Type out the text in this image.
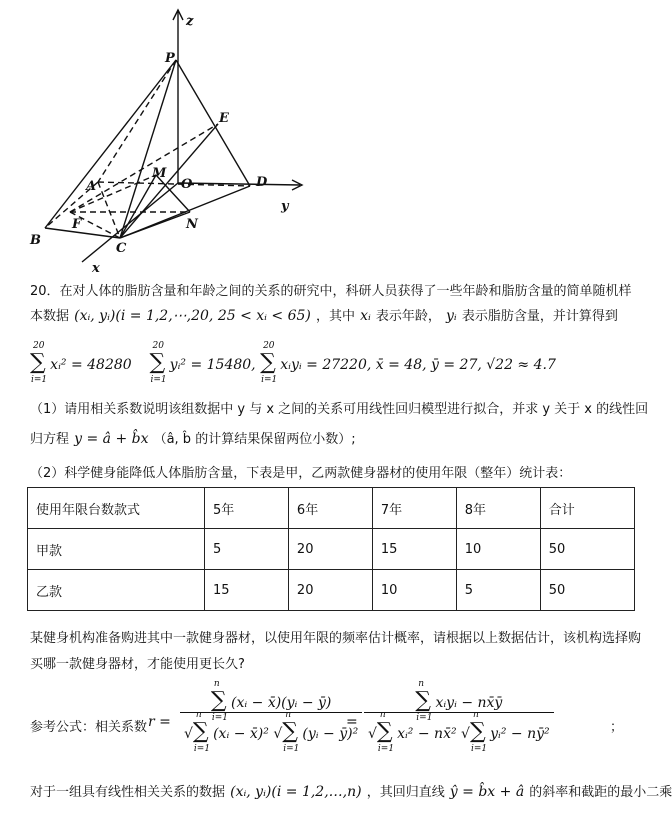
z
y
x
P
E
M
O	D
A
F	N
B
C
20．在对人体的脂肪含量和年龄之间的关系的研究中，科研人员获得了一些年龄和脂肪含量的简单随机样
本数据 (xᵢ, yᵢ)(i = 1,2,⋯,20, 25 < xᵢ < 65) ，其中 xᵢ 表示年龄， yᵢ 表示脂肪含量，并计算得到
∑
20
i=1
xᵢ² = 48280 ∑
20
i=1
yᵢ² = 15480, ∑
20
i=1
xᵢyᵢ = 27220, x̄ = 48, ȳ = 27, √22 ≈ 4.7
（1）请用相关系数说明该组数据中 y 与 x 之间的关系可用线性回归模型进行拟合，并求 y 关于 x 的线性回
归方程 y = â + b̂x （â, b̂ 的计算结果保留两位小数）;
（2）科学健身能降低人体脂肪含量，下表是甲，乙两款健身器材的使用年限（整年）统计表：
使用年限台数款式	5年	6年	7年	8年	合计
甲款	5	20	15	10	50
乙款	15	20	10	5	50
某健身机构准备购进其中一款健身器材，以使用年限的频率估计概率，请根据以上数据估计，该机构选择购
买哪一款健身器材，才能使用更长久?
参考公式：相关系数 r = ∑
n
i=1
(xᵢ − x̄)(yᵢ − ȳ)
√∑
n
i=1
(xᵢ − x̄)² √∑
n
i=1
(yᵢ − ȳ)²
=
∑
n
i=1
xᵢyᵢ − nx̄ȳ
√∑
n
i=1
xᵢ² − nx̄² √∑
n
i=1
yᵢ² − nȳ²	；
对于一组具有线性相关关系的数据 (xᵢ, yᵢ)(i = 1,2,…,n) ，其回归直线 ŷ = b̂x + â 的斜率和截距的最小二乘
